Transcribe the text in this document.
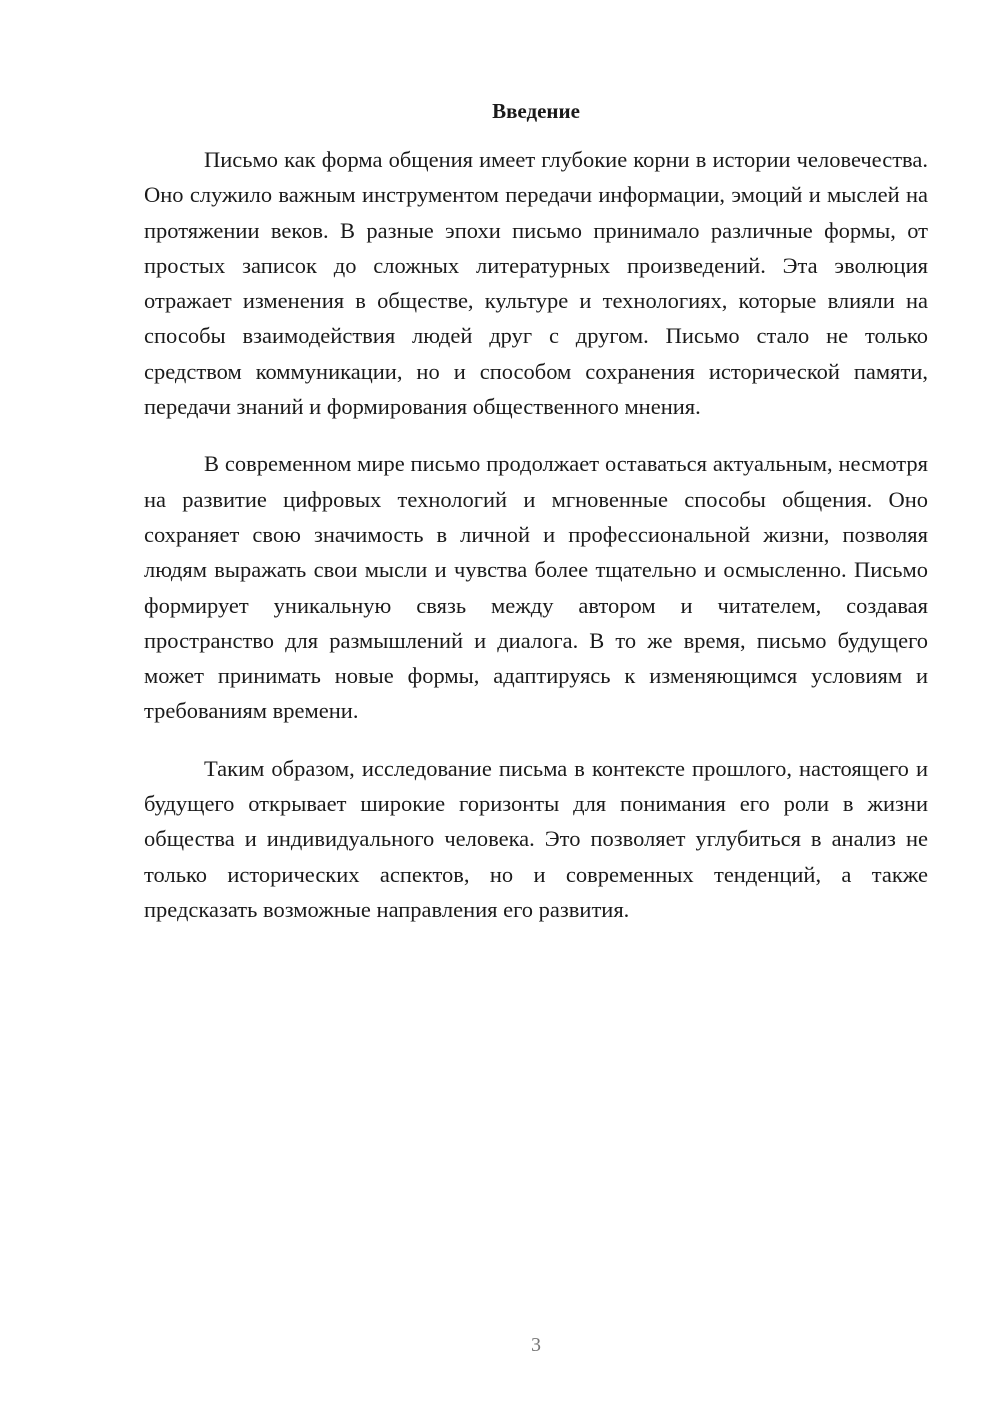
Введение

Письмо как форма общения имеет глубокие корни в истории человечества. Оно служило важным инструментом передачи информации, эмоций и мыслей на протяжении веков. В разные эпохи письмо принимало различные формы, от простых записок до сложных литературных произведений. Эта эволюция отражает изменения в обществе, культуре и технологиях, которые влияли на способы взаимодействия людей друг с другом. Письмо стало не только средством коммуникации, но и способом сохранения исторической памяти, передачи знаний и формирования общественного мнения.

В современном мире письмо продолжает оставаться актуальным, несмотря на развитие цифровых технологий и мгновенные способы общения. Оно сохраняет свою значимость в личной и профессиональной жизни, позволяя людям выражать свои мысли и чувства более тщательно и осмысленно. Письмо формирует уникальную связь между автором и читателем, создавая пространство для размышлений и диалога. В то же время, письмо будущего может принимать новые формы, адаптируясь к изменяющимся условиям и требованиям времени.

Таким образом, исследование письма в контексте прошлого, настоящего и будущего открывает широкие горизонты для понимания его роли в жизни общества и индивидуального человека. Это позволяет углубиться в анализ не только исторических аспектов, но и современных тенденций, а также предсказать возможные направления его развития.

3
